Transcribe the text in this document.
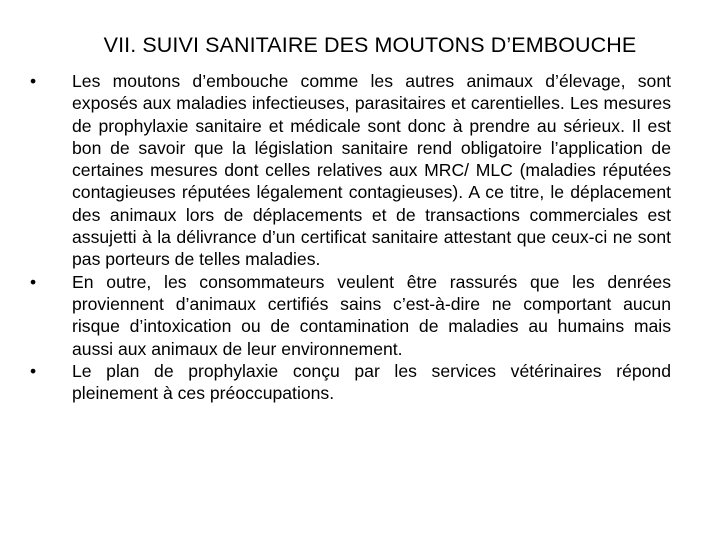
VII. SUIVI SANITAIRE DES MOUTONS D’EMBOUCHE
•	Les moutons d’embouche comme les autres animaux d’élevage, sont exposés aux maladies infectieuses, parasitaires et carentielles. Les mesures de prophylaxie sanitaire et médicale sont donc à prendre au sérieux. Il est bon de savoir que la législation sanitaire rend obligatoire l’application de certaines mesures dont celles relatives aux MRC/ MLC (maladies réputées contagieuses réputées légalement contagieuses). A ce titre, le déplacement des animaux lors de déplacements et de transactions commerciales est assujetti à la délivrance d’un certificat sanitaire attestant que ceux-ci ne sont pas porteurs de telles maladies.
•	En outre, les consommateurs veulent être rassurés que les denrées proviennent d’animaux certifiés sains c’est-à-dire ne comportant aucun risque d’intoxication ou de contamination de maladies au humains mais aussi aux animaux de leur environnement.
•	Le plan de prophylaxie conçu par les services vétérinaires répond pleinement à ces préoccupations.
